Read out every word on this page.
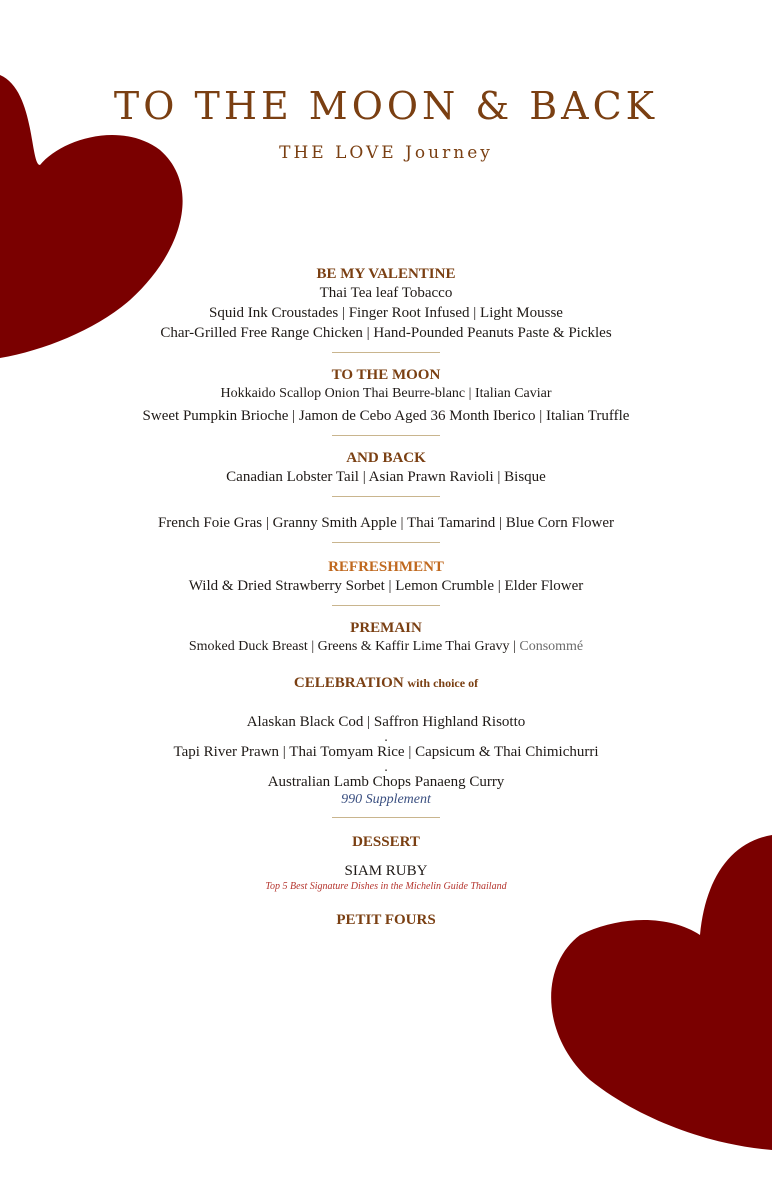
TO THE MOON & BACK
THE LOVE Journey

BE MY VALENTINE

Thai Tea leaf Tobacco

Squid Ink Croustades | Finger Root Infused | Light Mousse

Char-Grilled Free Range Chicken | Hand-Pounded Peanuts Paste & Pickles

TO THE MOON

Hokkaido Scallop Onion Thai Beurre-blanc | Italian Caviar

Sweet Pumpkin Brioche | Jamon de Cebo Aged 36 Month Iberico | Italian Truffle

AND BACK

Canadian Lobster Tail | Asian Prawn Ravioli | Bisque

French Foie Gras | Granny Smith Apple | Thai Tamarind | Blue Corn Flower

REFRESHMENT

Wild & Dried Strawberry Sorbet | Lemon Crumble | Elder Flower

PREMAIN

Smoked Duck Breast | Greens & Kaffir Lime Thai Gravy | Consommé

CELEBRATION with choice of

Alaskan Black Cod | Saffron Highland Risotto

.

Tapi River Prawn | Thai Tomyam Rice | Capsicum & Thai Chimichurri

.

Australian Lamb Chops Panaeng Curry

990 Supplement

DESSERT

SIAM RUBY

Top 5 Best Signature Dishes in the Michelin Guide Thailand

PETIT FOURS
